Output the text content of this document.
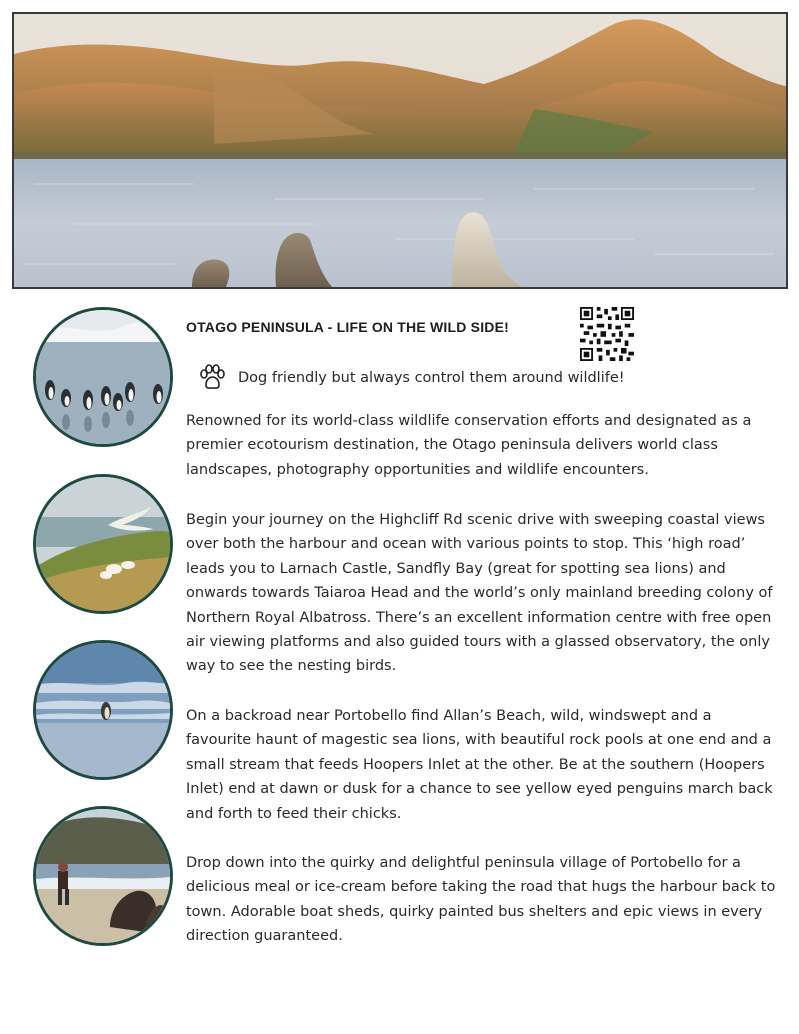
OTAGO PENINSULA - LIFE ON THE WILD SIDE!
Dog friendly but always control them around wildlife!

Renowned for its world-class wildlife conservation efforts and designated as a premier ecotourism destination, the Otago peninsula delivers world class landscapes, photography opportunities and wildlife encounters.

Begin your journey on the Highcliff Rd scenic drive with sweeping coastal views over both the harbour and ocean with various points to stop. This ‘high road’ leads you to Larnach Castle, Sandfly Bay (great for spotting sea lions) and onwards towards Taiaroa Head and the world’s only mainland breeding colony of Northern Royal Albatross. There’s an excellent information centre with free open air viewing platforms and also guided tours with a glassed observatory, the only way to see the nesting birds.

On a backroad near Portobello find Allan’s Beach, wild, windswept and a favourite haunt of magestic sea lions, with beautiful rock pools at one end and a small stream that feeds Hoopers Inlet at the other. Be at the southern (Hoopers Inlet) end at dawn or dusk for a chance to see yellow eyed penguins march back and forth to feed their chicks.

Drop down into the quirky and delightful peninsula village of Portobello for a delicious meal or ice-cream before taking the road that hugs the harbour back to town. Adorable boat sheds, quirky painted bus shelters and epic views in every direction guaranteed.
